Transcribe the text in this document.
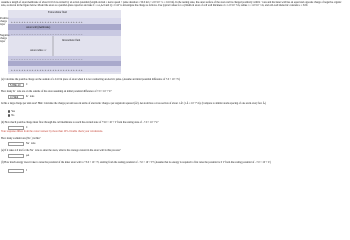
Assume a length of axon membrane of about 0.10 m is excited by an action potential (length excited = nerve speed × pulse duration = 50.0 m/s × 2.0×10⁻³ s = 0.10 m). In the resting state, the outer surface of the axon wall is charged positively with K⁺ ions and the inner wall has an equal and opposite charge of negative organic ions, as shown in the figure below. Model the axon as a parallel-plate capacitor and take C = κε₀A/d and Q = CΔV to investigate the charge as follows. Use typical values for a cylindrical axon of cell wall thickness d = 1.0×10⁻⁸ m, radius r = 1.0×10⁻⁵ m, and cell-wall dielectric constant κ = 3.00.
+ + + + + + + + + + + + + + + + + + + + + + + + + + + +
− − − − − − − − − − − − − − − − − − − − − − − − − − − −
− − − − − − − − − − − − − − − − − − − − − − − − − − − −
+ + + + + + + + + + + + + + + + + + + + + + + + + + + +
Extracellular fluid
Positive charge layer
Negative charge layer
Axon wall (membrane)
Intracellular fluid
Axon radius = r
(a) Calculate the positive charge on the outside of a 0.10 m piece of axon when it is not conducting an electric pulse. (Assume an initial potential difference of 7.0 × 10⁻² V.)
5.95E-10	C
How many K⁺ ions are on the outside of the axon assuming an initial potential difference of 7.0 × 10⁻² V?
3.72E9	K⁺ ions
Is this a large charge per unit area? Hint: Calculate the charge per unit area in terms of electronic charge e per angstrom squared (Å²). An atom has a cross section of about 1 Å² (1 Å = 10⁻¹⁰ m). (Compare to similar atoms spacing of one atom every few Å.)
Yes
No
(d) How much positive charge must flow through the cell membrane to reach the excited state of +3.0 × 10⁻² V from the resting state of −7.0 × 10⁻² V?
C
Your response differs from the correct answer by more than 10%. Double check your calculations.
How many sodium ions (Na⁺) is this?
Na⁺ ions
(e) If it takes 2.0 ms for the Na⁺ ions to enter the axon, what is the average current in the axon wall in this process?
μA
(f) How much energy does it take to raise the potential of the inner axon wall to +3.0 × 10⁻² V, starting from the resting potential of −7.0 × 10⁻² V? (Assume that no energy is required to first raise the potential to 0 V from the resting potential of −7.0 × 10⁻² V.)
J
